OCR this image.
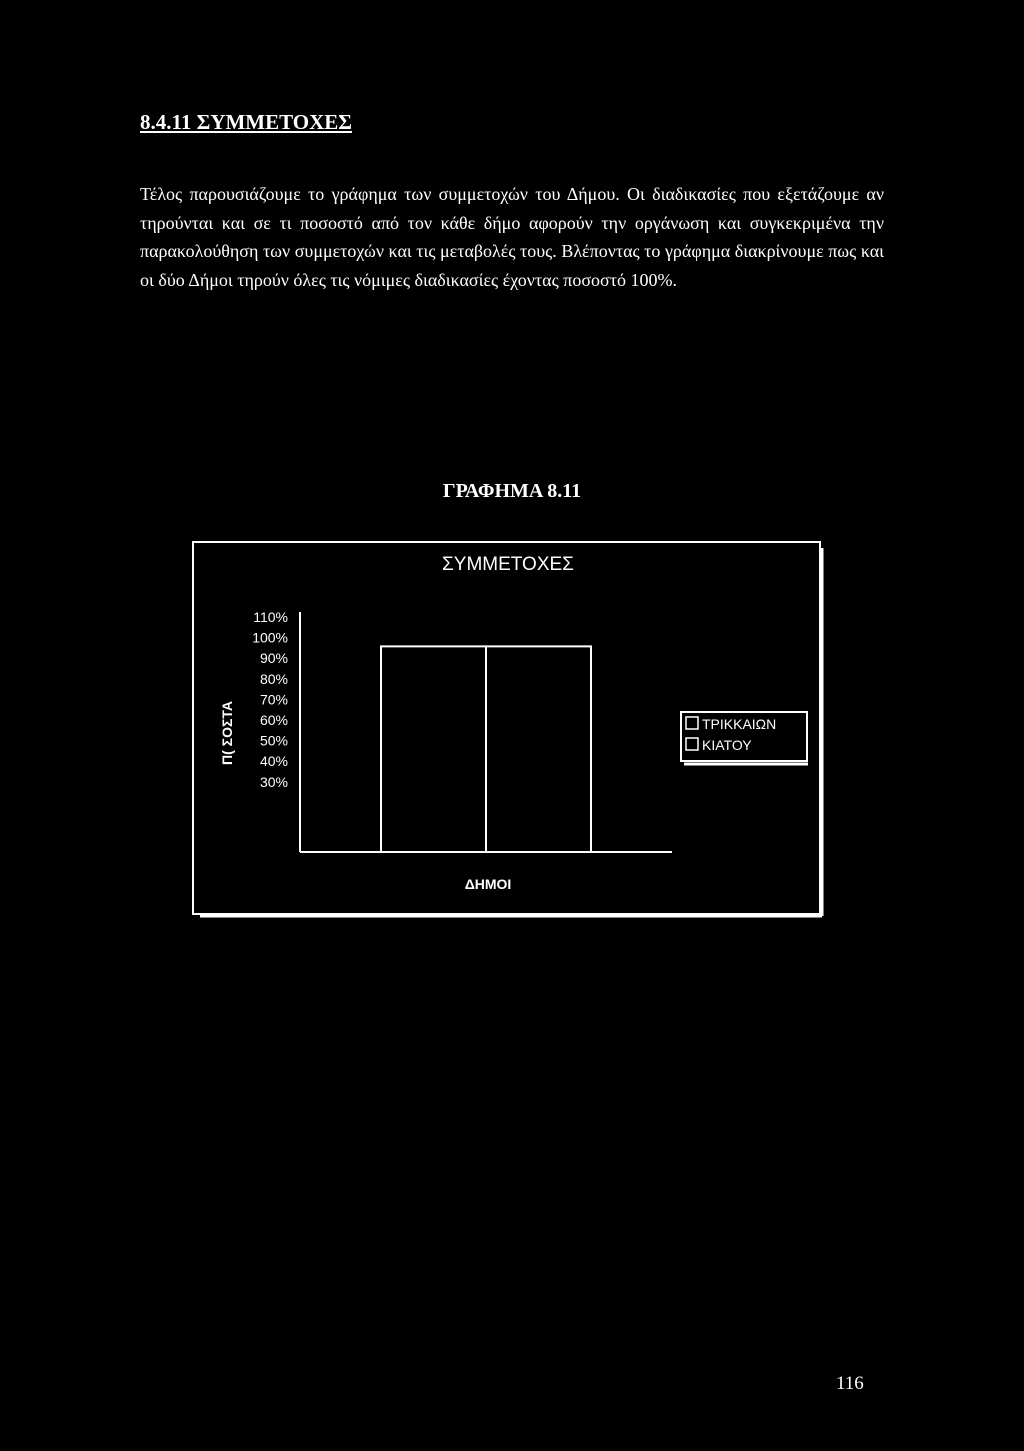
8.4.11 ΣΥΜΜΕΤΟΧΕΣ

Τέλος παρουσιάζουμε το γράφημα των συμμετοχών του Δήμου. Οι διαδικασίες που εξετάζουμε αν τηρούνται και σε τι ποσοστό από τον κάθε δήμο αφορούν την οργάνωση και συγκεκριμένα την παρακολούθηση των συμμετοχών και τις μεταβολές τους. Βλέποντας το γράφημα διακρίνουμε πως και οι δύο Δήμοι τηρούν όλες τις νόμιμες διαδικασίες έχοντας ποσοστό 100%.

ΓΡΑΦΗΜΑ 8.11
ΣΥΜΜΕΤΟΧΕΣ
110%
100%
90%
80%
70%
60%
50%
40%
30%
Π( ΣΟΣΤΑ
ΔΗΜΟΙ
ΤΡΙΚΚΑΙΩΝ
ΚΙΑΤΟΥ
116
